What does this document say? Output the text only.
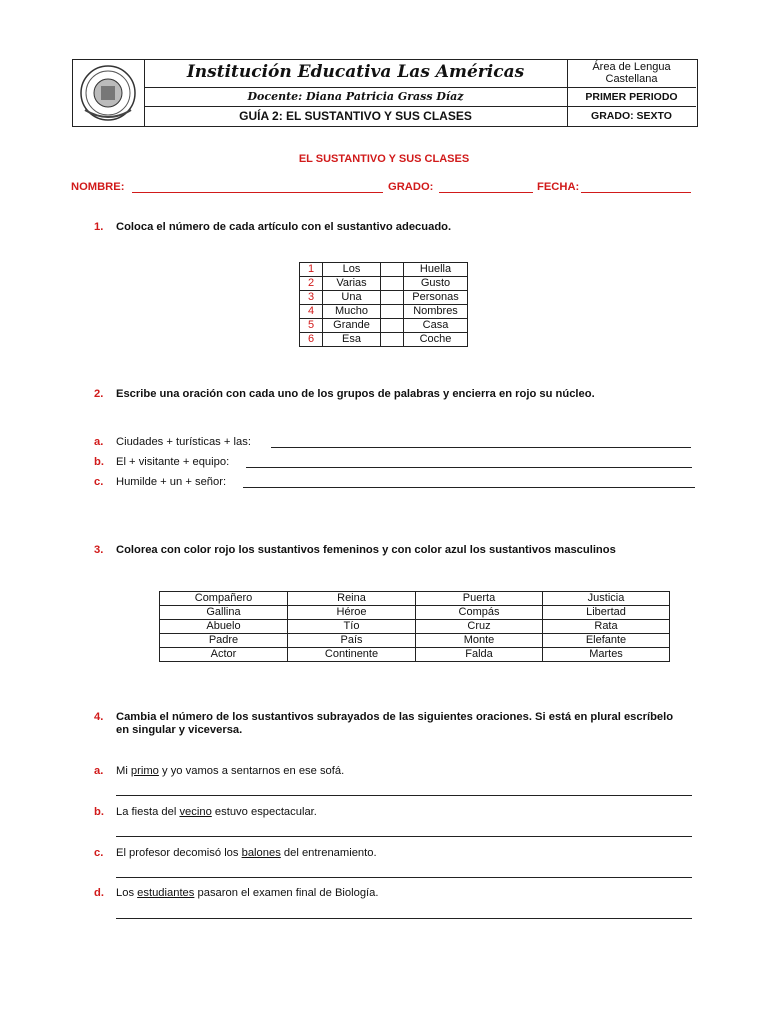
Institución Educativa Las Américas
Docente: Diana Patricia Grass Díaz
GUÍA 2: EL SUSTANTIVO Y SUS CLASES
Área de Lengua Castellana
PRIMER PERIODO
GRADO: SEXTO
EL SUSTANTIVO Y SUS CLASES
NOMBRE:	GRADO:	FECHA:
1. Coloca el número de cada artículo con el sustantivo adecuado.
1	Los		Huella
2	Varias		Gusto
3	Una		Personas
4	Mucho		Nombres
5	Grande		Casa
6	Esa		Coche
2. Escribe una oración con cada uno de los grupos de palabras y encierra en rojo su núcleo.
a. Ciudades + turísticas + las:
b. El + visitante + equipo:
c. Humilde + un + señor:
3. Colorea con color rojo los sustantivos femeninos y con color azul los sustantivos masculinos
Compañero	Reina	Puerta	Justicia
Gallina	Héroe	Compás	Libertad
Abuelo	Tío	Cruz	Rata
Padre	País	Monte	Elefante
Actor	Continente	Falda	Martes
4. Cambia el número de los sustantivos subrayados de las siguientes oraciones. Si está en plural escríbelo
en singular y viceversa.
a. Mi primo y yo vamos a sentarnos en ese sofá.
b. La fiesta del vecino estuvo espectacular.
c. El profesor decomisó los balones del entrenamiento.
d. Los estudiantes pasaron el examen final de Biología.
